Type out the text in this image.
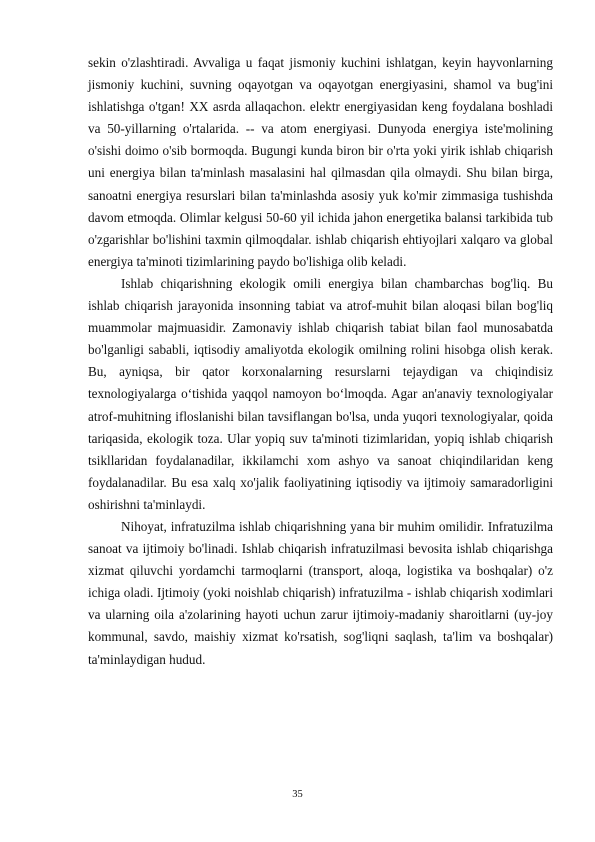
sekin o'zlashtiradi. Avvaliga u faqat jismoniy kuchini ishlatgan, keyin hayvonlarning jismoniy kuchini, suvning oqayotgan va oqayotgan energiyasini, shamol va bug'ini ishlatishga o'tgan! XX asrda allaqachon. elektr energiyasidan keng foydalana boshladi va 50-yillarning o'rtalarida. -- va atom energiyasi. Dunyoda energiya iste'molining o'sishi doimo o'sib bormoqda. Bugungi kunda biron bir o'rta yoki yirik ishlab chiqarish uni energiya bilan ta'minlash masalasini hal qilmasdan qila olmaydi. Shu bilan birga, sanoatni energiya resurslari bilan ta'minlashda asosiy yuk ko'mir zimmasiga tushishda davom etmoqda. Olimlar kelgusi 50-60 yil ichida jahon energetika balansi tarkibida tub o'zgarishlar bo'lishini taxmin qilmoqdalar. ishlab chiqarish ehtiyojlari xalqaro va global energiya ta'minoti tizimlarining paydo bo'lishiga olib keladi.

Ishlab chiqarishning ekologik omili energiya bilan chambarchas bog'liq. Bu ishlab chiqarish jarayonida insonning tabiat va atrof-muhit bilan aloqasi bilan bog'liq muammolar majmuasidir. Zamonaviy ishlab chiqarish tabiat bilan faol munosabatda bo'lganligi sababli, iqtisodiy amaliyotda ekologik omilning rolini hisobga olish kerak. Bu, ayniqsa, bir qator korxonalarning resurslarni tejaydigan va chiqindisiz texnologiyalarga o‘tishida yaqqol namoyon bo‘lmoqda. Agar an'anaviy texnologiyalar atrof-muhitning ifloslanishi bilan tavsiflangan bo'lsa, unda yuqori texnologiyalar, qoida tariqasida, ekologik toza. Ular yopiq suv ta'minoti tizimlaridan, yopiq ishlab chiqarish tsikllaridan foydalanadilar, ikkilamchi xom ashyo va sanoat chiqindilaridan keng foydalanadilar. Bu esa xalq xo'jalik faoliyatining iqtisodiy va ijtimoiy samaradorligini oshirishni ta'minlaydi.

Nihoyat, infratuzilma ishlab chiqarishning yana bir muhim omilidir. Infratuzilma sanoat va ijtimoiy bo'linadi. Ishlab chiqarish infratuzilmasi bevosita ishlab chiqarishga xizmat qiluvchi yordamchi tarmoqlarni (transport, aloqa, logistika va boshqalar) o'z ichiga oladi. Ijtimoiy (yoki noishlab chiqarish) infratuzilma - ishlab chiqarish xodimlari va ularning oila a'zolarining hayoti uchun zarur ijtimoiy-madaniy sharoitlarni (uy-joy kommunal, savdo, maishiy xizmat ko'rsatish, sog'liqni saqlash, ta'lim va boshqalar) ta'minlaydigan hudud.

35
